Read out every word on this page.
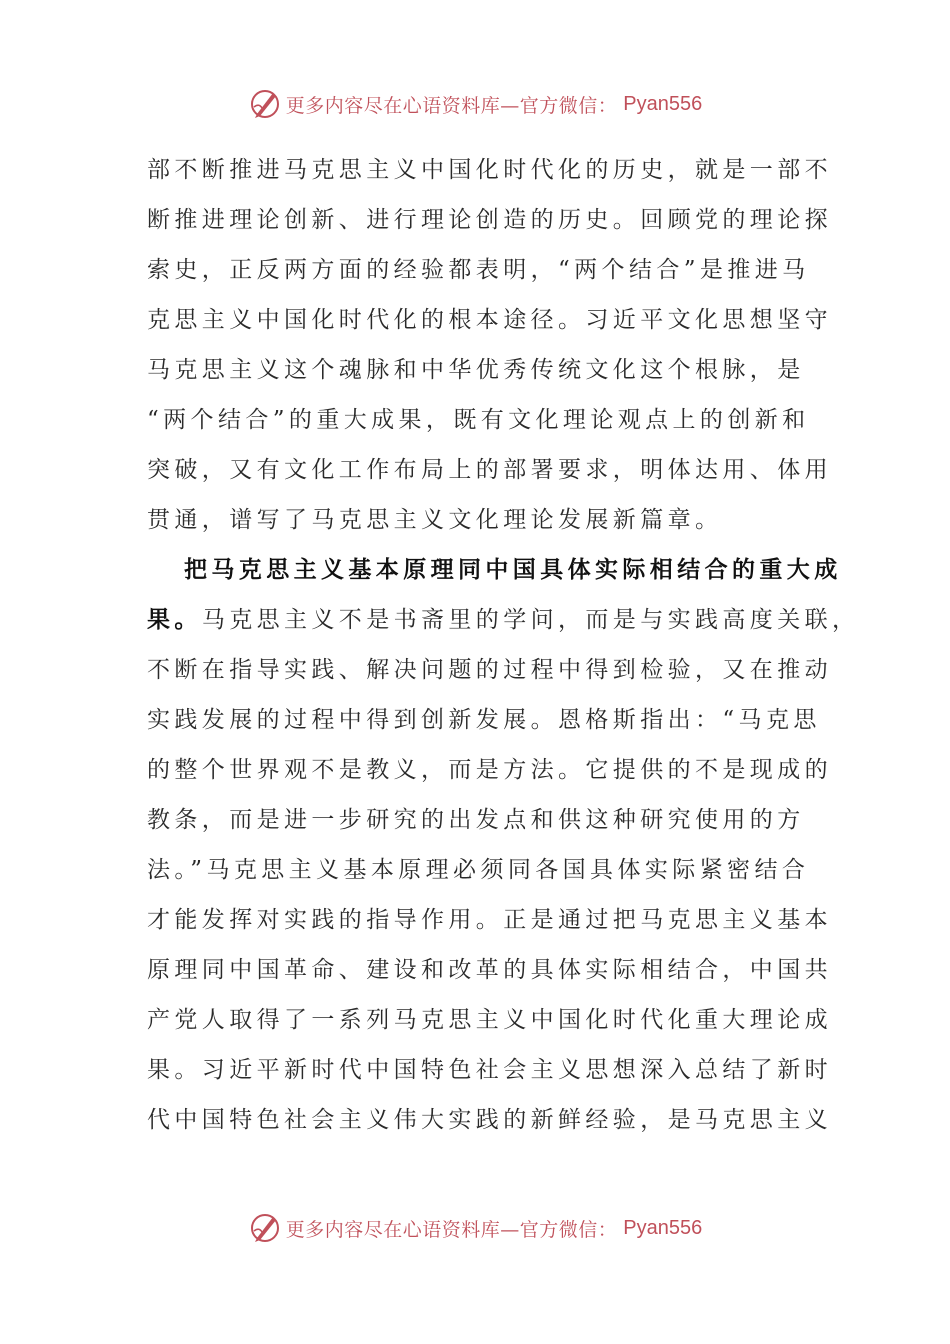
更多内容尽在心语资料库—官方微信： Pyan556
部不断推进马克思主义中国化时代化的历史，就是一部不
断推进理论创新、进行理论创造的历史。回顾党的理论探
索史，正反两方面的经验都表明，“两个结合”是推进马
克思主义中国化时代化的根本途径。习近平文化思想坚守
马克思主义这个魂脉和中华优秀传统文化这个根脉，是
“两个结合”的重大成果，既有文化理论观点上的创新和
突破，又有文化工作布局上的部署要求，明体达用、体用
贯通，谱写了马克思主义文化理论发展新篇章。
把马克思主义基本原理同中国具体实际相结合的重大成
果。马克思主义不是书斋里的学问，而是与实践高度关联，
不断在指导实践、解决问题的过程中得到检验，又在推动
实践发展的过程中得到创新发展。恩格斯指出：“马克思
的整个世界观不是教义，而是方法。它提供的不是现成的
教条，而是进一步研究的出发点和供这种研究使用的方
法。”马克思主义基本原理必须同各国具体实际紧密结合
才能发挥对实践的指导作用。正是通过把马克思主义基本
原理同中国革命、建设和改革的具体实际相结合，中国共
产党人取得了一系列马克思主义中国化时代化重大理论成
果。习近平新时代中国特色社会主义思想深入总结了新时
代中国特色社会主义伟大实践的新鲜经验，是马克思主义
更多内容尽在心语资料库—官方微信： Pyan556
